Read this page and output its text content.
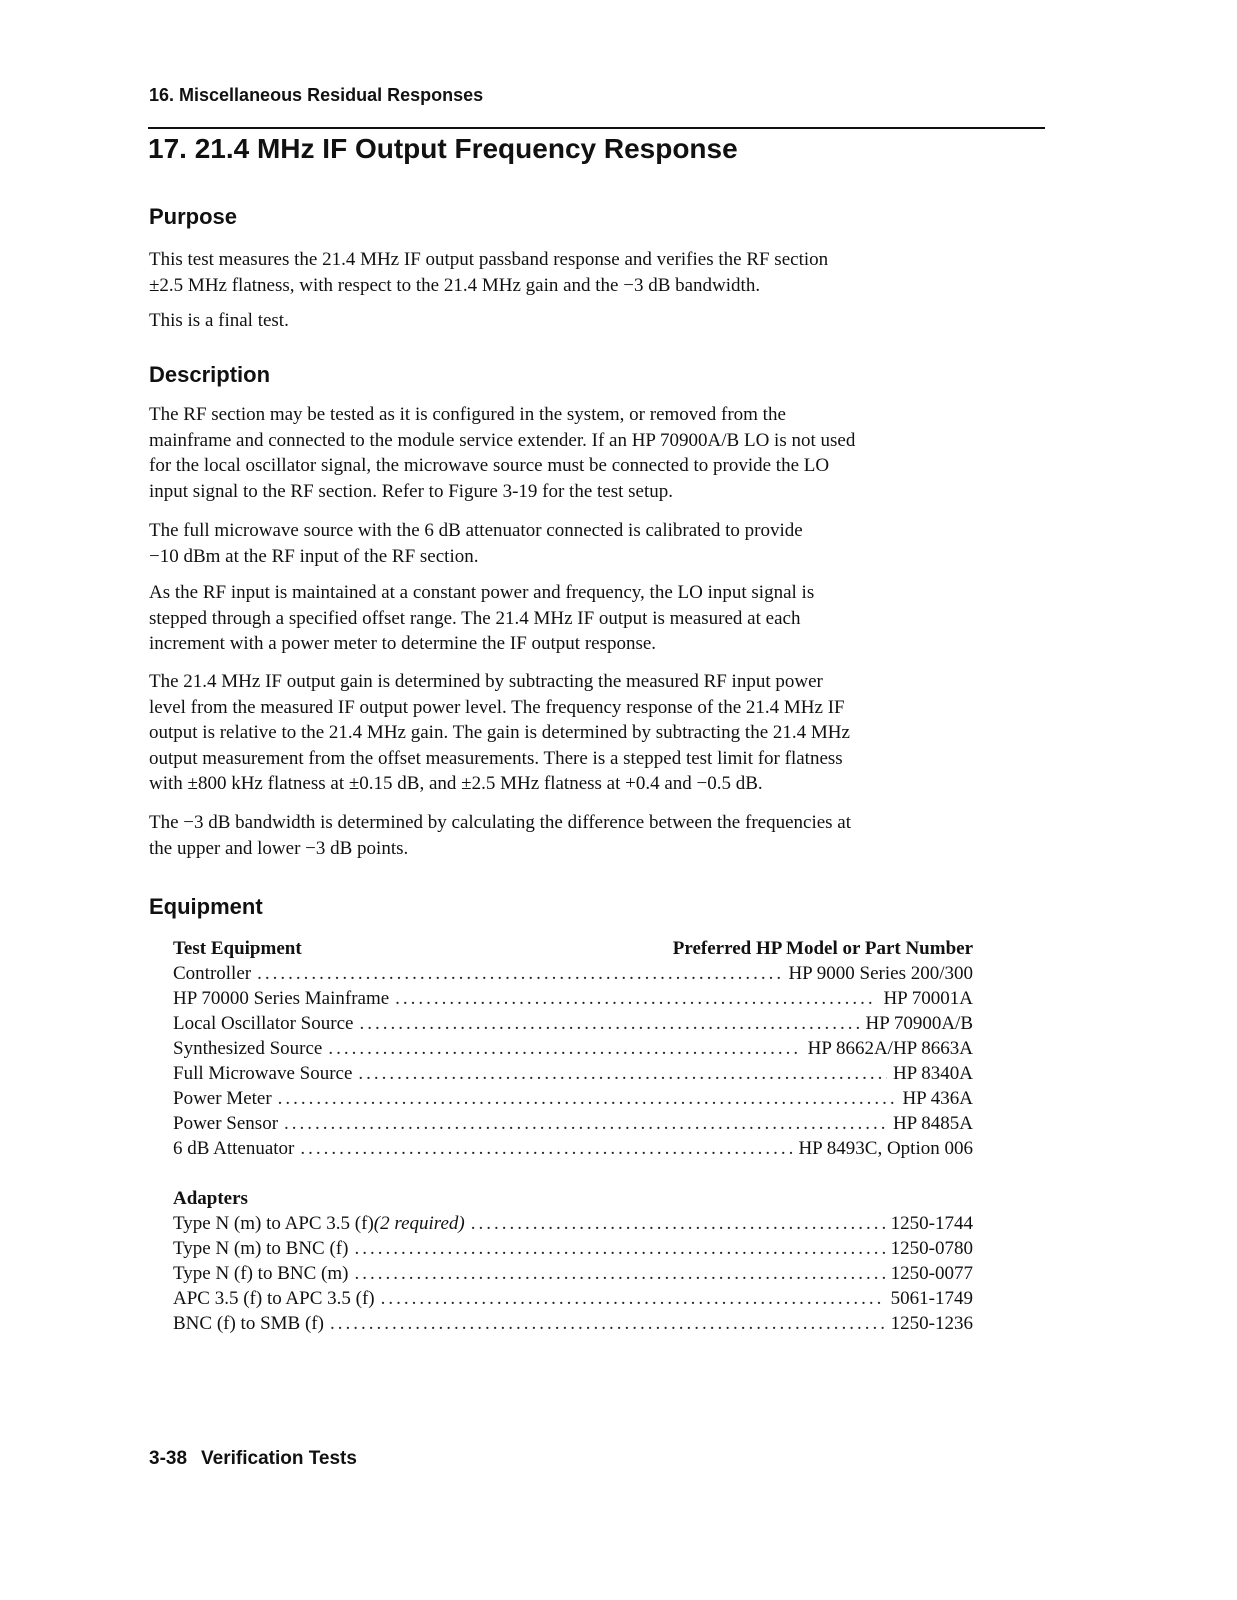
16. Miscellaneous Residual Responses
17. 21.4 MHz IF Output Frequency Response
Purpose

This test measures the 21.4 MHz IF output passband response and verifies the RF section
±2.5 MHz flatness, with respect to the 21.4 MHz gain and the −3 dB bandwidth.

This is a final test.

Description

The RF section may be tested as it is configured in the system, or removed from the
mainframe and connected to the module service extender. If an HP 70900A/B LO is not used
for the local oscillator signal, the microwave source must be connected to provide the LO
input signal to the RF section. Refer to Figure 3-19 for the test setup.

The full microwave source with the 6 dB attenuator connected is calibrated to provide
−10 dBm at the RF input of the RF section.

As the RF input is maintained at a constant power and frequency, the LO input signal is
stepped through a specified offset range. The 21.4 MHz IF output is measured at each
increment with a power meter to determine the IF output response.

The 21.4 MHz IF output gain is determined by subtracting the measured RF input power
level from the measured IF output power level. The frequency response of the 21.4 MHz IF
output is relative to the 21.4 MHz gain. The gain is determined by subtracting the 21.4 MHz
output measurement from the offset measurements. There is a stepped test limit for flatness
with ±800 kHz flatness at ±0.15 dB, and ±2.5 MHz flatness at +0.4 and −0.5 dB.

The −3 dB bandwidth is determined by calculating the difference between the frequencies at
the upper and lower −3 dB points.

Equipment
Test Equipment	Preferred HP Model or Part Number
Controller .....	HP 9000 Series 200/300
HP 70000 Series Mainframe .....	HP 70001A
Local Oscillator Source .....	HP 70900A/B
Synthesized Source .....	HP 8662A/HP 8663A
Full Microwave Source .....	HP 8340A
Power Meter .....	HP 436A
Power Sensor .....	HP 8485A
6 dB Attenuator .....	HP 8493C, Option 006
Adapters
Type N (m) to APC 3.5 (f)(2 required) .....	1250-1744
Type N (m) to BNC (f) .....	1250-0780
Type N (f) to BNC (m) .....	1250-0077
APC 3.5 (f) to APC 3.5 (f) .....	5061-1749
BNC (f) to SMB (f) .....	1250-1236
3-38 Verification Tests
